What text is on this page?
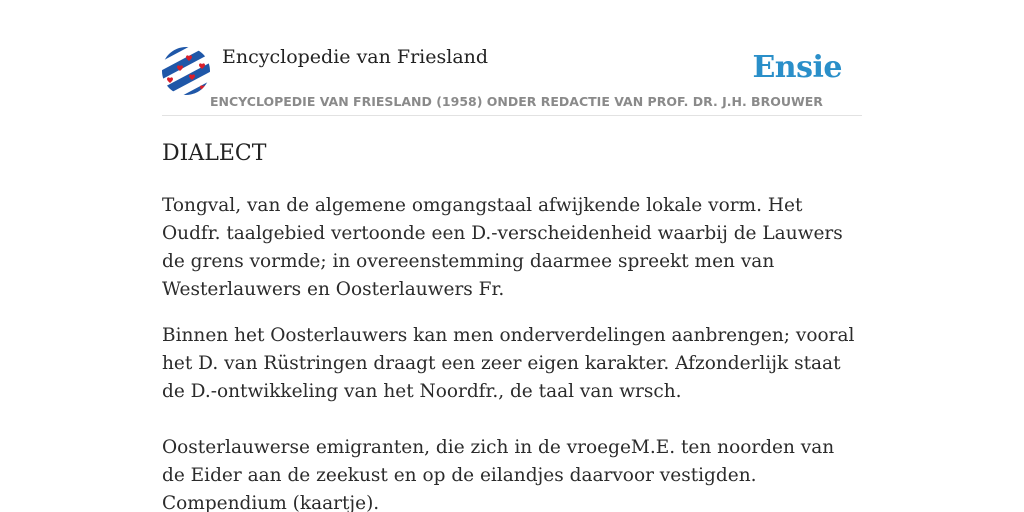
Encyclopedie van Friesland	Ensie
ENCYCLOPEDIE VAN FRIESLAND (1958) ONDER REDACTIE VAN PROF. DR. J.H. BROUWER
DIALECT

Tongval, van de algemene omgangstaal afwijkende lokale vorm. Het Oudfr. taalgebied vertoonde een D.-verscheidenheid waarbij de Lauwers de grens vormde; in overeenstemming daarmee spreekt men van Westerlauwers en Oosterlauwers Fr.

Binnen het Oosterlauwers kan men onderverdelingen aanbrengen; vooral het D. van Rüstringen draagt een zeer eigen karakter. Afzonderlijk staat de D.-ontwikkeling van het Noordfr., de taal van wrsch.

Oosterlauwerse emigranten, die zich in de vroegeM.E. ten noorden van de Eider aan de zeekust en op de eilandjes daarvoor vestigden. Compendium (kaartje).
